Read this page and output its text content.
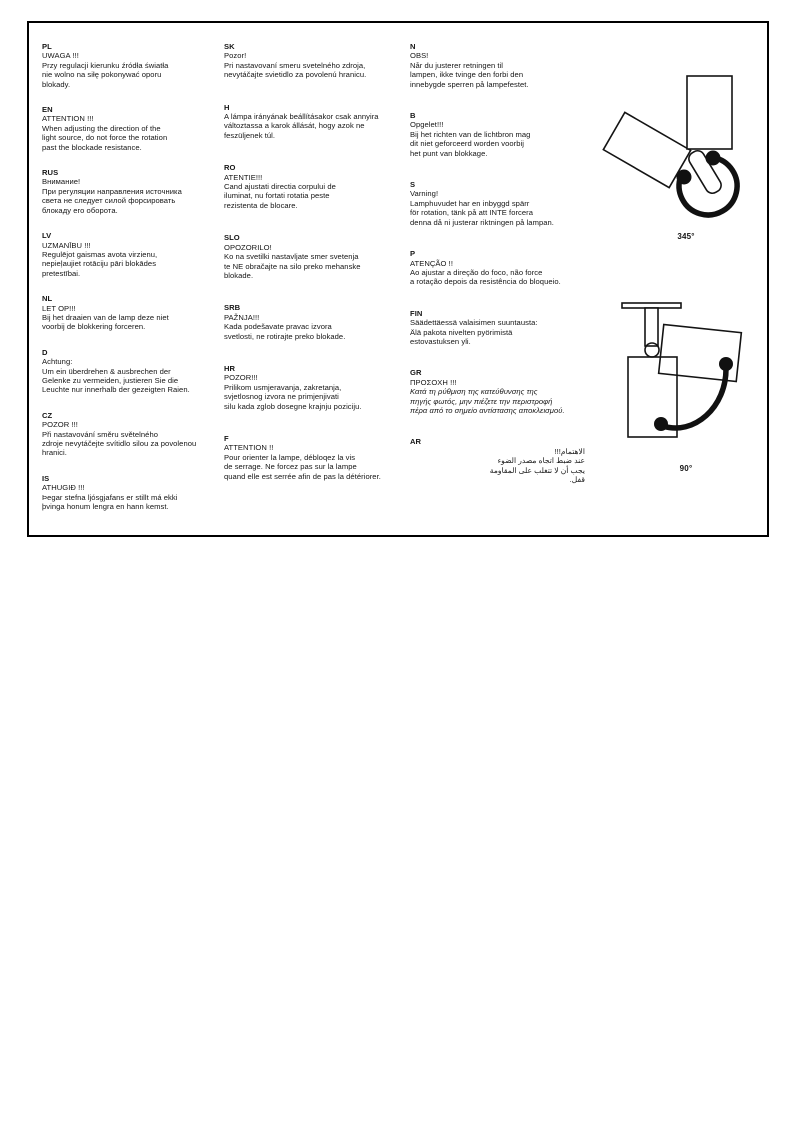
PL
UWAGA !!!
Przy regulacji kierunku źródła światła
nie wolno na siłę pokonywać oporu
blokady.
EN
ATTENTION !!!
When adjusting the direction of the
light source, do not force the rotation
past the blockade resistance.
RUS
Внимание!
При регуляции направления источника
света не следует силой форсировать
блокаду его оборота.
LV
UZMANĪBU !!!
Regulējot gaismas avota virzienu,
nepieļaujiet rotāciju pāri blokādes
pretestībai.
NL
LET OP!!!
Bij het draaien van de lamp deze niet
voorbij de blokkering forceren.
D
Achtung:
Um ein überdrehen & ausbrechen der
Gelenke zu vermeiden, justieren Sie die
Leuchte nur innerhalb der gezeigten Raien.
CZ
POZOR !!!
Při nastavování směru světelného
zdroje nevytáčejte svítidlo silou za povolenou
hranici.
IS
ATHUGIÐ !!!
Þegar stefna ljósgjafans er stillt má ekki
þvinga honum lengra en hann kemst.
SK
Pozor!
Pri nastavovaní smeru svetelného zdroja,
nevytáčajte svietidlo za povolenú hranicu.
H
A lámpa irányának beállításakor csak annyira
változtassa a karok állását, hogy azok ne
feszüljenek túl.
RO
ATENTIE!!!
Cand ajustati directia corpului de
iluminat, nu fortati rotatia peste
rezistenta de blocare.
SLO
OPOZORILO!
Ko na svetilki nastavljate smer svetenja
te NE obračajte na silo preko mehanske
blokade.
SRB
PAŽNJA!!!
Kada podešavate pravac izvora
svetlosti, ne rotirajte preko blokade.
HR
POZOR!!!
Prilikom usmjeravanja, zakretanja,
svjetlosnog izvora ne primjenjivati
silu kada zglob dosegne krajnju poziciju.
F
ATTENTION !!
Pour orienter la lampe, débloqez la vis
de serrage. Ne forcez pas sur la lampe
quand elle est serrée afin de pas la détériorer.
N
OBS!
Når du justerer retningen til
lampen, ikke tvinge den forbi den
innebygde sperren på lampefestet.
B
Opgelet!!!
Bij het richten van de lichtbron mag
dit niet geforceerd worden voorbij
het punt van blokkage.
S
Varning!
Lamphuvudet har en inbyggd spärr
för rotation, tänk på att INTE forcera
denna då ni justerar riktningen på lampan.
P
ATENÇÃO !!
Ao ajustar a direção do foco, não force
a rotação depois da resistência do bloqueio.
FIN
Säädettäessä valaisimen suuntausta:
Älä pakota nivelten pyörimistä
estovastuksen yli.
GR
ΠΡΟΣΟΧΗ !!!
Κατά τη ρύθμιση της κατεύθυνσης της
πηγής φωτός, μην πιέζετε την περιστροφή
πέρα από το σημείο αντίστασης αποκλεισμού.
AR
الاهتمام!!!
عند ضبط اتجاه مصدر الضوء
يجب أن لا تتغلب على المقاومة
قفل.
345°
90°
